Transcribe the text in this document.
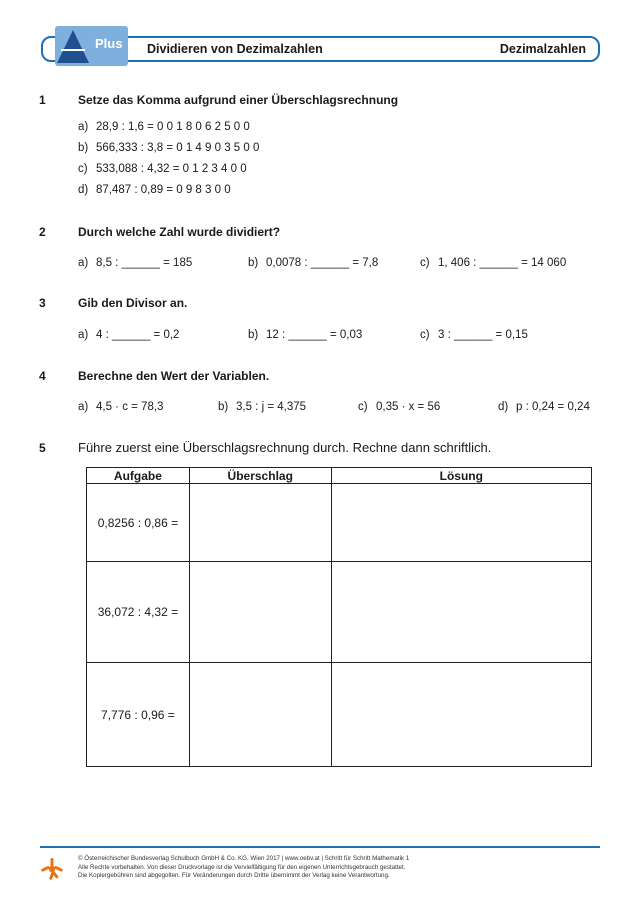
Plus Dividieren von Dezimalzahlen	Dezimalzahlen
1	Setze das Komma aufgrund einer Überschlagsrechnung
a) 28,9 : 1,6 = 0 0 1 8 0 6 2 5 0 0
b) 566,333 : 3,8 = 0 1 4 9 0 3 5 0 0
c) 533,088 : 4,32 = 0 1 2 3 4 0 0
d) 87,487 : 0,89 = 0 9 8 3 0 0
2	Durch welche Zahl wurde dividiert?
a) 8,5 : ______ = 185	b) 0,0078 : ______ = 7,8	c) 1, 406 : ______ = 14 060
3	Gib den Divisor an.
a) 4 : ______ = 0,2	b) 12 : ______ = 0,03	c) 3 : ______ = 0,15
4	Berechne den Wert der Variablen.
a) 4,5 · c = 78,3	b) 3,5 : j = 4,375	c) 0,35 · x = 56	d) p : 0,24 = 0,24
5 Führe zuerst eine Überschlagsrechnung durch. Rechne dann schriftlich.
Aufgabe	Überschlag	Lösung
0,8256 : 0,86 =		
36,072 : 4,32 =		
7,776 : 0,96 =		
© Österreichischer Bundesverlag Schulbuch GmbH & Co. KG, Wien 2017 | www.oebv.at | Schritt für Schritt Mathematik 1
Alle Rechte vorbehalten. Von dieser Druckvorlage ist die Vervielfältigung für den eigenen Unterrichtsgebrauch gestattet.
Die Kopiergebühren sind abgegolten. Für Veränderungen durch Dritte übernimmt der Verlag keine Verantwortung.
